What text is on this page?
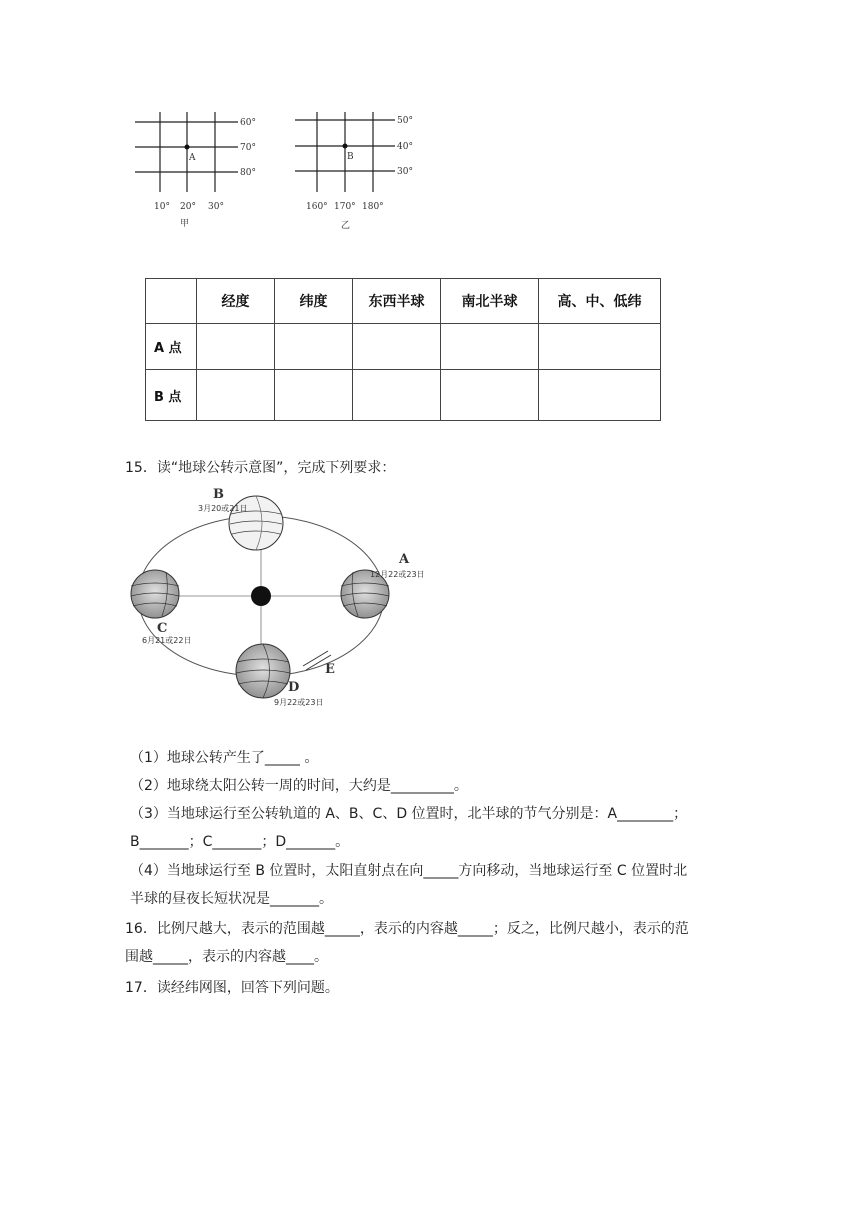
A
60°
70°
80°
10° 20° 30°
甲
B
50°
40°
30°
160° 170° 180°
乙
	经度	纬度	东西半球	南北半球	高、中、低纬
A 点					
B 点					
15．读“地球公转示意图”，完成下列要求：
B
3月20或21日
A
12月22或23日
C
6月21或22日
D
9月22或23日
E
（1）地球公转产生了_____ 。
（2）地球绕太阳公转一周的时间，大约是_________。
（3）当地球运行至公转轨道的 A、B、C、D 位置时，北半球的节气分别是：A________；
B_______；C_______；D_______。
（4）当地球运行至 B 位置时，太阳直射点在向_____方向移动，当地球运行至 C 位置时北
半球的昼夜长短状况是_______。
16．比例尺越大，表示的范围越_____，表示的内容越_____；反之，比例尺越小，表示的范
围越_____，表示的内容越____。
17．读经纬网图，回答下列问题。
